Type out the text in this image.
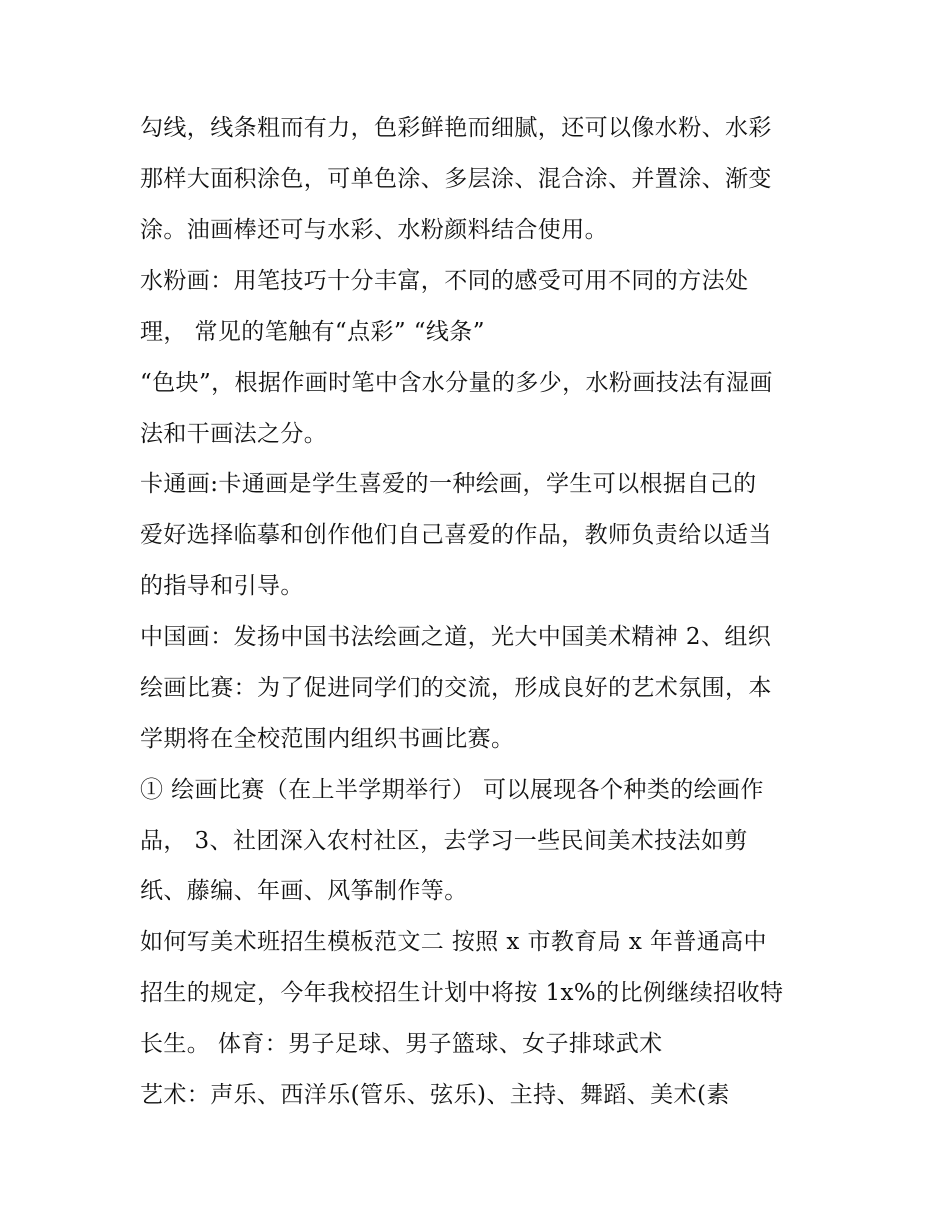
勾线，线条粗而有力，色彩鲜艳而细腻，还可以像水粉、水彩
那样大面积涂色，可单色涂、多层涂、混合涂、并置涂、渐变
涂。油画棒还可与水彩、水粉颜料结合使用。
水粉画：用笔技巧十分丰富，不同的感受可用不同的方法处
理， 常见的笔触有“点彩” “线条”
“色块”，根据作画时笔中含水分量的多少，水粉画技法有湿画
法和干画法之分。
卡通画:卡通画是学生喜爱的一种绘画，学生可以根据自己的
爱好选择临摹和创作他们自己喜爱的作品，教师负责给以适当
的指导和引导。
中国画：发扬中国书法绘画之道，光大中国美术精神 2、组织
绘画比赛：为了促进同学们的交流，形成良好的艺术氛围，本
学期将在全校范围内组织书画比赛。
① 绘画比赛（在上半学期举行） 可以展现各个种类的绘画作
品， 3、社团深入农村社区，去学习一些民间美术技法如剪
纸、藤编、年画、风筝制作等。
如何写美术班招生模板范文二 按照 x 市教育局 x 年普通高中
招生的规定，今年我校招生计划中将按 1x%的比例继续招收特
长生。 体育：男子足球、男子篮球、女子排球武术
艺术：声乐、西洋乐(管乐、弦乐)、主持、舞蹈、美术(素
